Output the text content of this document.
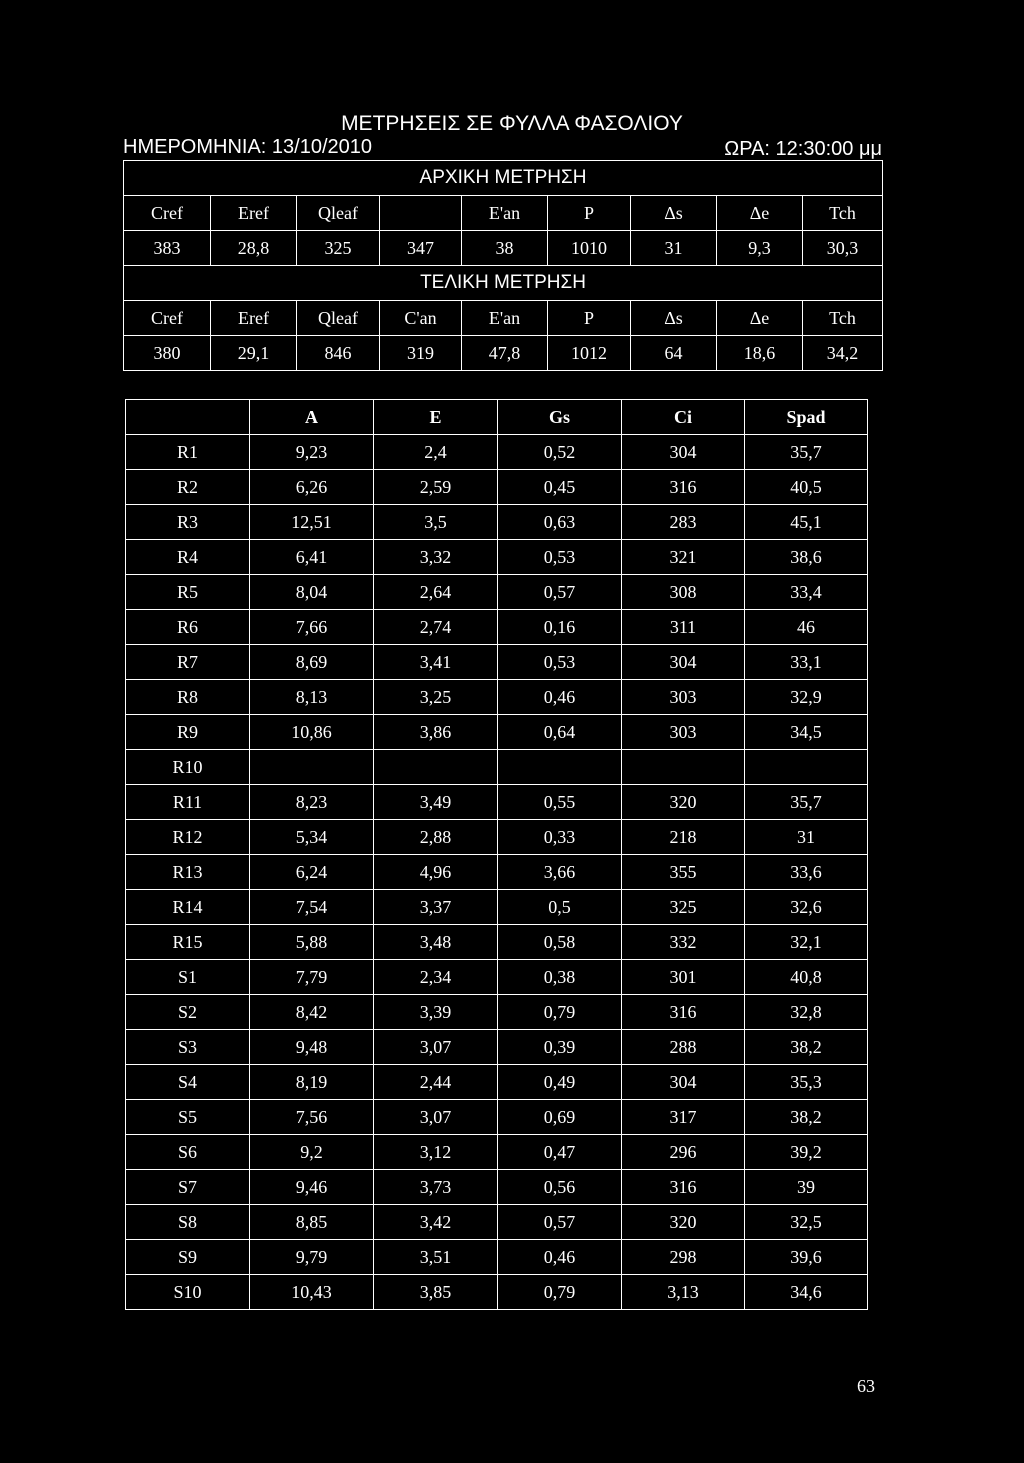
ΜΕΤΡΗΣΕΙΣ ΣΕ ΦΥΛΛΑ ΦΑΣΟΛΙΟΥ
ΗΜΕΡΟΜΗΝΙΑ: 13/10/2010	ΩΡΑ: 12:30:00 μμ
ΑΡΧΙΚΗ ΜΕΤΡΗΣΗ								
Cref	Eref	Qleaf		E'an	P	Δs	Δe	Tch
383	28,8	325	347	38	1010	31	9,3	30,3
ΤΕΛΙΚΗ ΜΕΤΡΗΣΗ								
Cref	Eref	Qleaf	C'an	E'an	P	Δs	Δe	Tch
380	29,1	846	319	47,8	1012	64	18,6	34,2
	A	E	Gs	Ci	Spad
R1	9,23	2,4	0,52	304	35,7
R2	6,26	2,59	0,45	316	40,5
R3	12,51	3,5	0,63	283	45,1
R4	6,41	3,32	0,53	321	38,6
R5	8,04	2,64	0,57	308	33,4
R6	7,66	2,74	0,16	311	46
R7	8,69	3,41	0,53	304	33,1
R8	8,13	3,25	0,46	303	32,9
R9	10,86	3,86	0,64	303	34,5
R10					
R11	8,23	3,49	0,55	320	35,7
R12	5,34	2,88	0,33	218	31
R13	6,24	4,96	3,66	355	33,6
R14	7,54	3,37	0,5	325	32,6
R15	5,88	3,48	0,58	332	32,1
S1	7,79	2,34	0,38	301	40,8
S2	8,42	3,39	0,79	316	32,8
S3	9,48	3,07	0,39	288	38,2
S4	8,19	2,44	0,49	304	35,3
S5	7,56	3,07	0,69	317	38,2
S6	9,2	3,12	0,47	296	39,2
S7	9,46	3,73	0,56	316	39
S8	8,85	3,42	0,57	320	32,5
S9	9,79	3,51	0,46	298	39,6
S10	10,43	3,85	0,79	3,13	34,6
63
